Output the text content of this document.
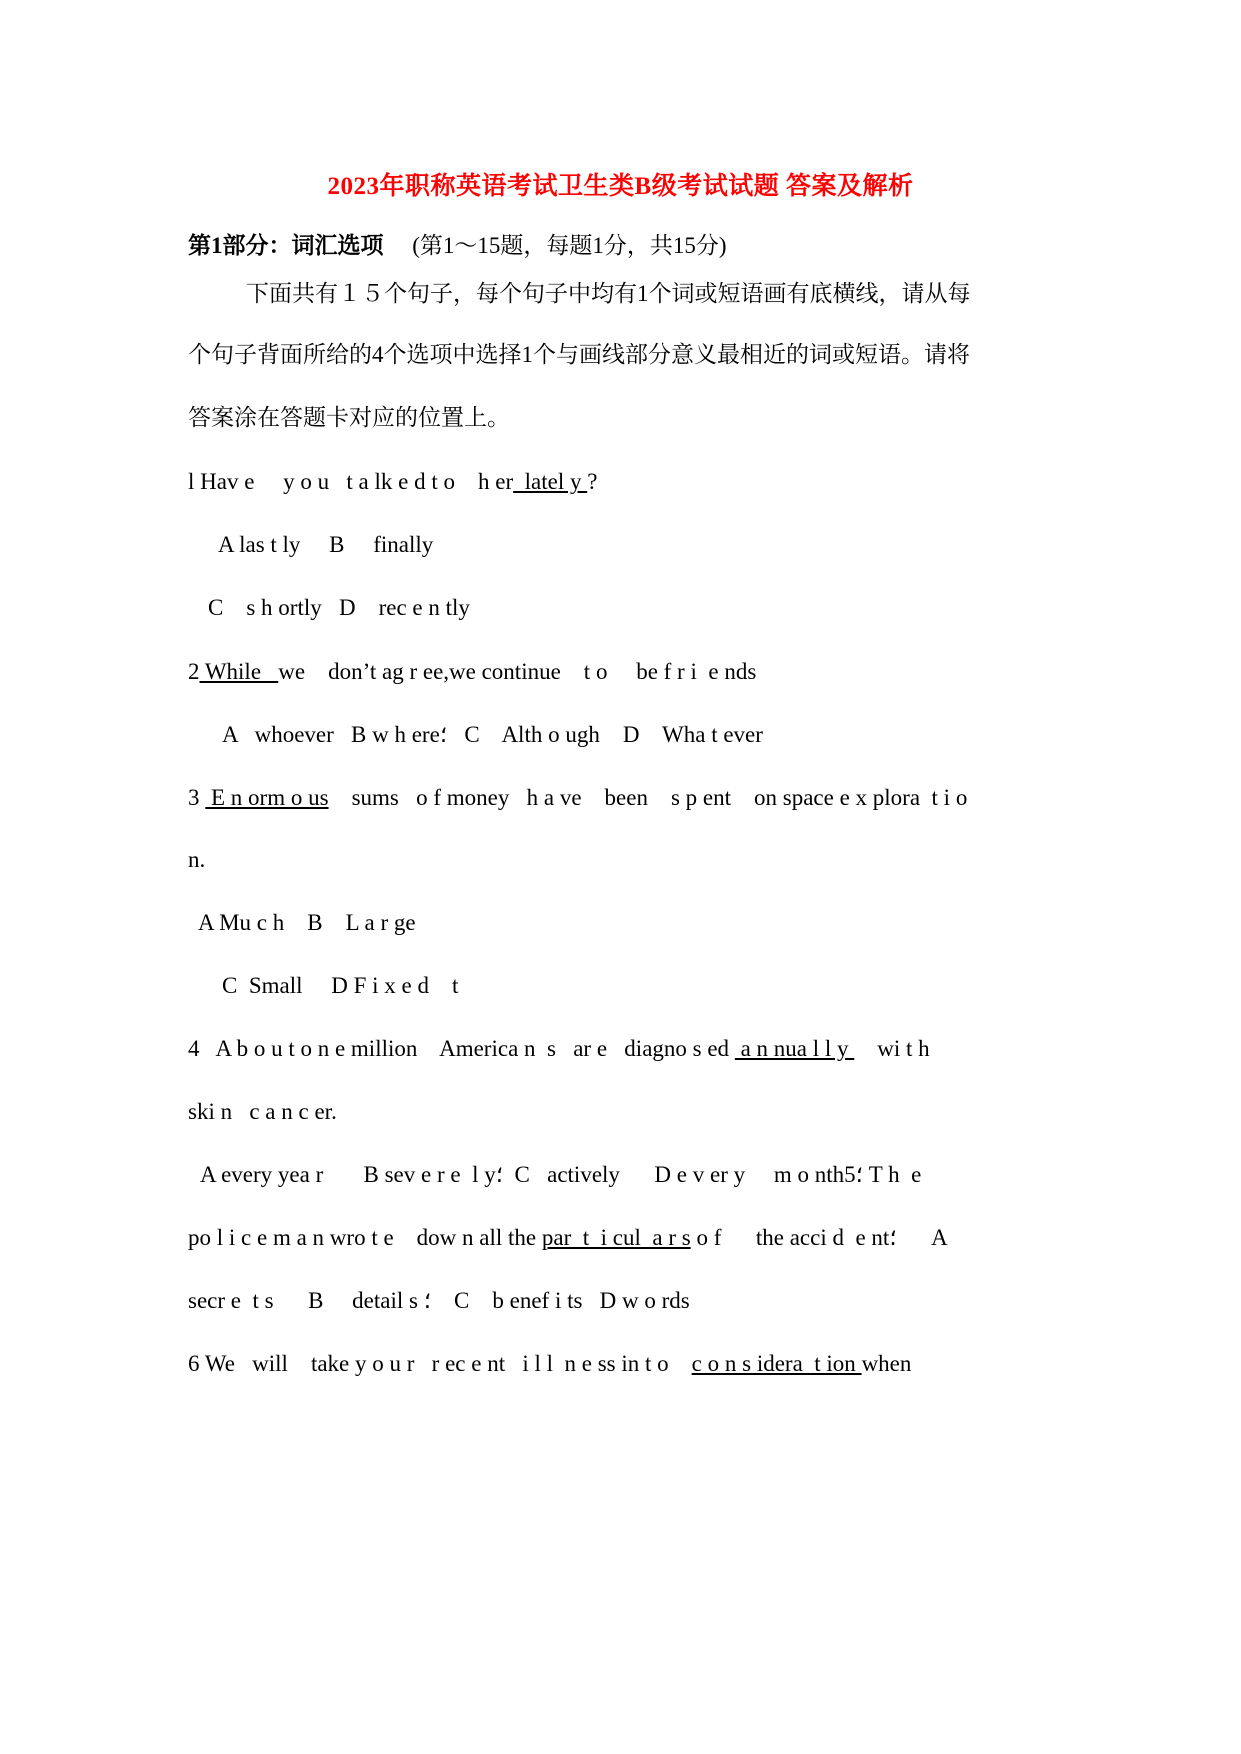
2023年职称英语考试卫生类B级考试试题 答案及解析
第1部分：词汇选项 (第1～15题，每题1分，共15分)
下面共有１５个句子，每个句子中均有1个词或短语画有底横线，请从每
个句子背面所给的4个选项中选择1个与画线部分意义最相近的词或短语。请将
答案涂在答题卡对应的位置上。
l Hav e     y o u   t a lk e d t o    h er  latel y ?
A las t ly     B     finally
C    s h ortly   D    rec e n tly
2 While   we    don’t ag r ee,we continue    t o     be f r i  e nds
A   whoever   B w h ere؛   C    Alth o ugh    D    Wha t ever
3  E n orm o us    sums   o f money   h a ve    been    s p ent    on space e x plora  t i o
n.
A Mu c h    B    L a r ge
C  Small     D F i x e d    t
4   A b o u t o n e million    America n  s   ar e   diagno s ed  a n nua l l y     wi t h
ski n   c a n c er.
A every yea r       B sev e r e  l y؛  C   actively      D e v er y     m o nth5؛ T h  e
po l i c e m a n wro t e    dow n all the par  t  i cul  a r s o f      the acci d  e nt؛      A
secr e  t s      B     detail s ؛    C    b enef i ts   D w o rds
6 We   will    take y o u r   r ec e nt   i l l  n e ss in t o    c o n s idera  t ion when
